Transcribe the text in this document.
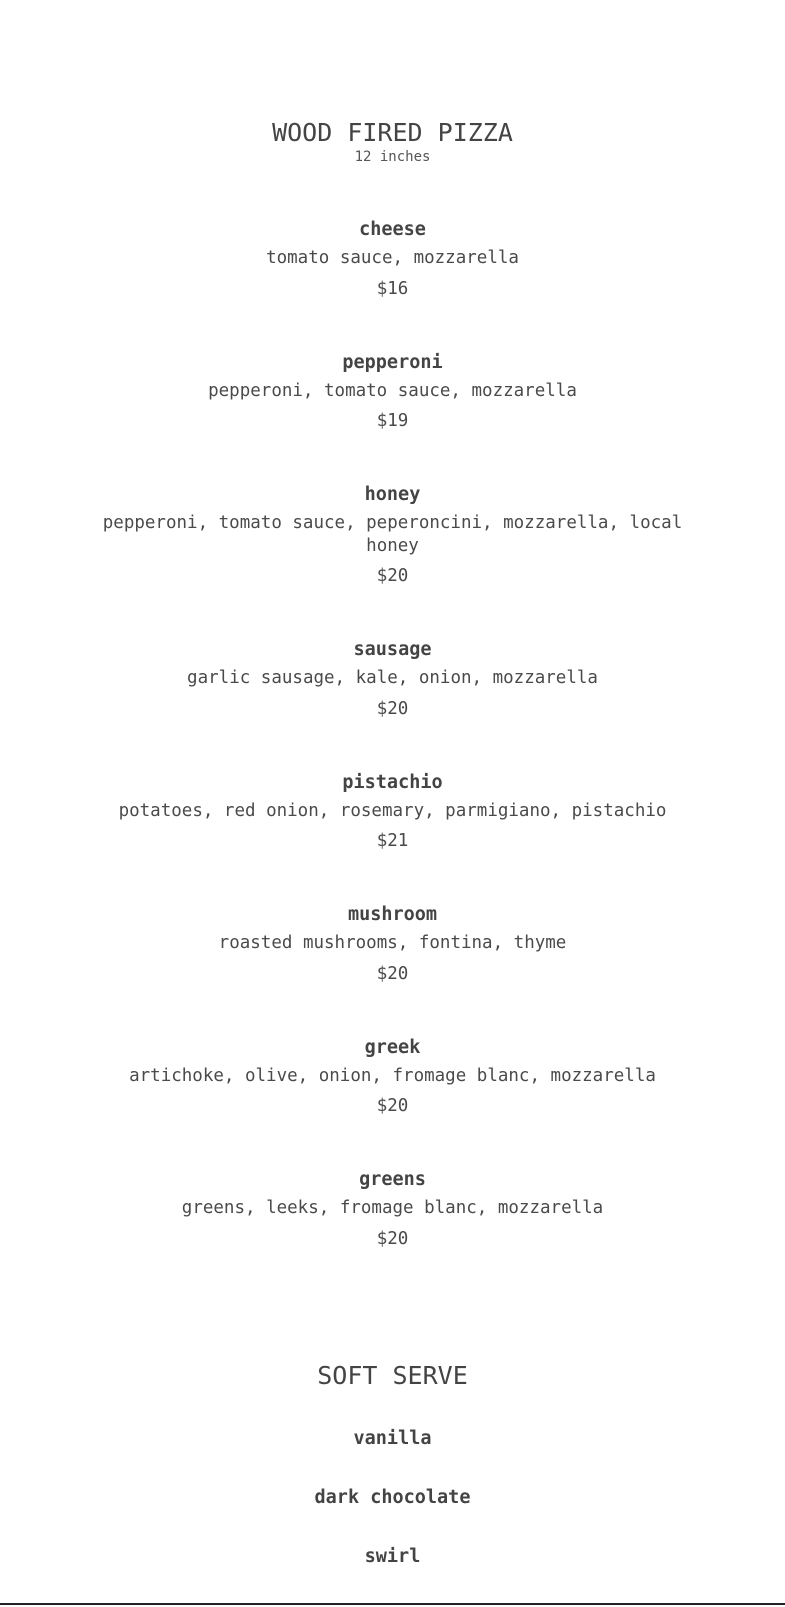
WOOD FIRED PIZZA

12 inches

cheese

tomato sauce, mozzarella

$16

pepperoni

pepperoni, tomato sauce, mozzarella

$19

honey

pepperoni, tomato sauce, peperoncini, mozzarella, local honey

$20

sausage

garlic sausage, kale, onion, mozzarella

$20

pistachio

potatoes, red onion, rosemary, parmigiano, pistachio

$21

mushroom

roasted mushrooms, fontina, thyme

$20

greek

artichoke, olive, onion, fromage blanc, mozzarella

$20

greens

greens, leeks, fromage blanc, mozzarella

$20

SOFT SERVE

vanilla

dark chocolate

swirl
